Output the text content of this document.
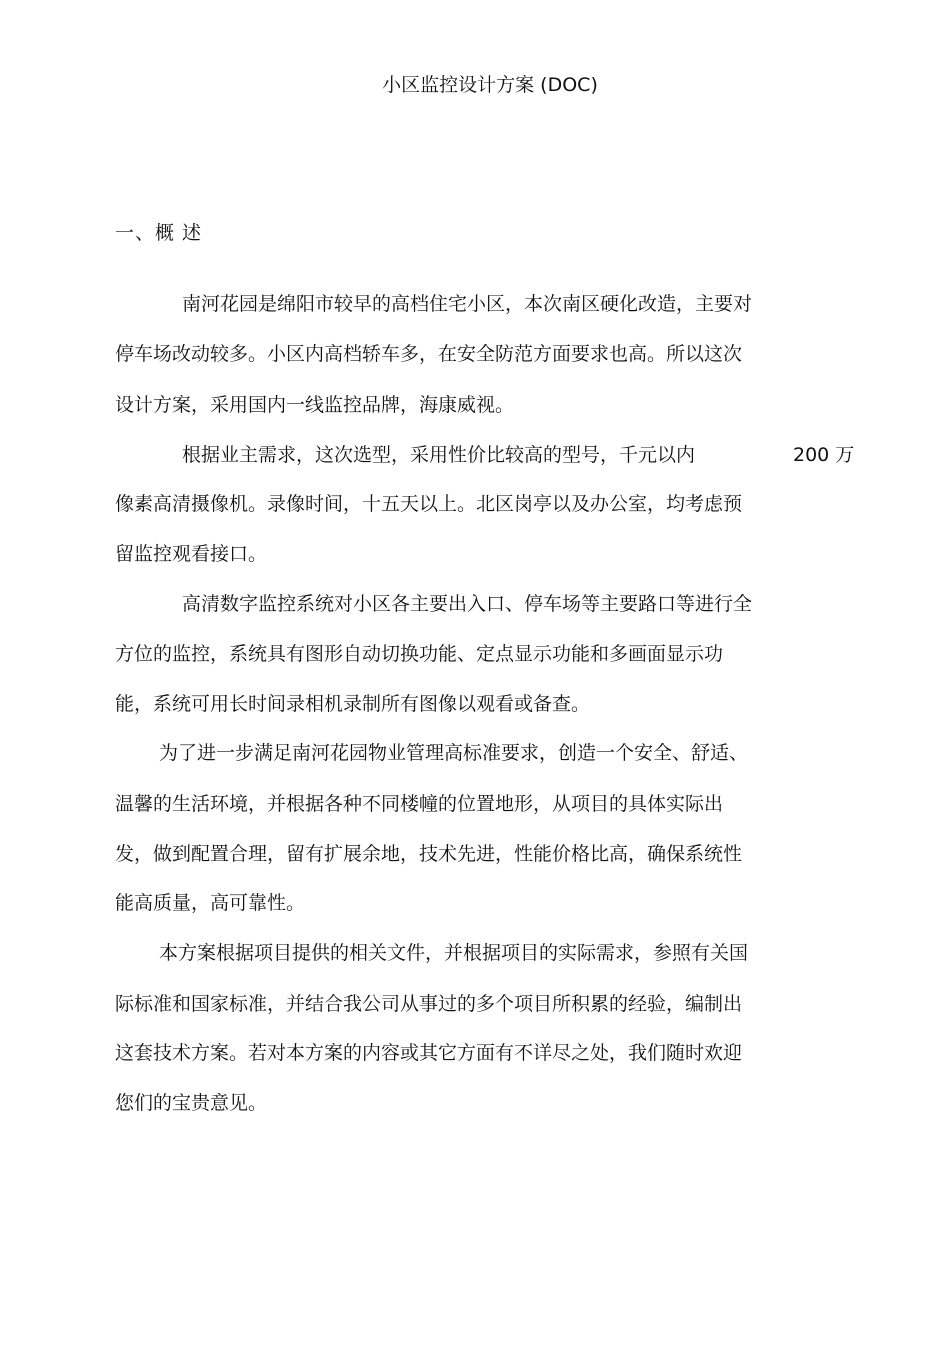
小区监控设计方案 (DOC)
一、概 述
南河花园是绵阳市较早的高档住宅小区，本次南区硬化改造，主要对
停车场改动较多。小区内高档轿车多，在安全防范方面要求也高。所以这次
设计方案，采用国内一线监控品牌，海康威视。
根据业主需求，这次选型，采用性价比较高的型号，千元以内	200 万
像素高清摄像机。录像时间，十五天以上。北区岗亭以及办公室，均考虑预
留监控观看接口。
高清数字监控系统对小区各主要出入口、停车场等主要路口等进行全
方位的监控，系统具有图形自动切换功能、定点显示功能和多画面显示功
能，系统可用长时间录相机录制所有图像以观看或备查。
为了进一步满足南河花园物业管理高标准要求，创造一个安全、舒适、
温馨的生活环境，并根据各种不同楼幢的位置地形，从项目的具体实际出
发，做到配置合理，留有扩展余地，技术先进，性能价格比高，确保系统性
能高质量，高可靠性。
本方案根据项目提供的相关文件，并根据项目的实际需求，参照有关国
际标准和国家标准，并结合我公司从事过的多个项目所积累的经验，编制出
这套技术方案。若对本方案的内容或其它方面有不详尽之处，我们随时欢迎
您们的宝贵意见。
